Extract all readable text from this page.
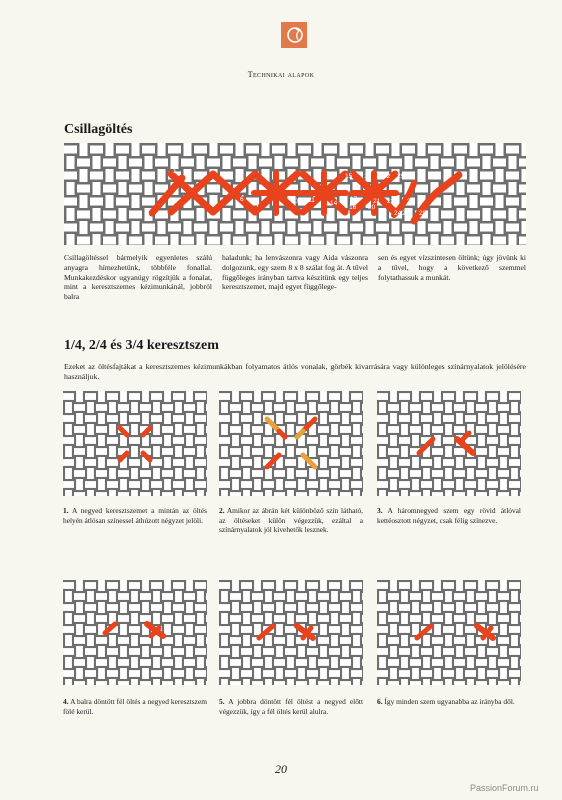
Technikai alapok
Csillagöltés
8
1
6
7
10 11
12
14
15
16
17
18
20
21
22
23
24
25
26
27
28
Csillagöltéssel bármelyik egyenletes szálú anyagra hímezhetünk, többféle fonallal. Munkakezdéskor ugyanúgy rögzítjük a fonalat, mint a keresztszemes kézimunkánál, jobbról balra
haladunk; ha lenvászonra vagy Aida vászonra dolgozunk, egy szem 8 x 8 szálat fog át. A tűvel függőleges irányban tartva készítünk egy teljes keresztszemet, majd egyet függőlege-
sen és egyet vízszintesen öltünk; úgy jövünk ki a tűvel, hogy a következő szemmel folytathassuk a munkát.
1/4, 2/4 és 3/4 keresztszem
Ezeket az öltésfajtákat a keresztszemes kézimunkákban folyamatos átlós vonalak, görbék kivarrására vagy különleges színárnyalatok jelölésére használjuk.
1. A negyed keresztszemet a mintán az öltés helyén átlósan színessel áthúzott négyzet jelöli.
2. Amikor az ábrán két különböző szín látható, az öltéseket külön végezzük, ezáltal a színárnyalatok jól kivehetők lesznek.
3. A háromnegyed szem egy rövid átlóval kettéosztott négyzet, csak félig színezve.
4. A balra döntött fél öltés a negyed keresztszem fölé kerül.
5. A jobbra döntött fél öltést a negyed előtt végezzük, így a fél öltés kerül alulra.
6. Így minden szem ugyanabba az irányba dől.
20
PassionForum.ru
